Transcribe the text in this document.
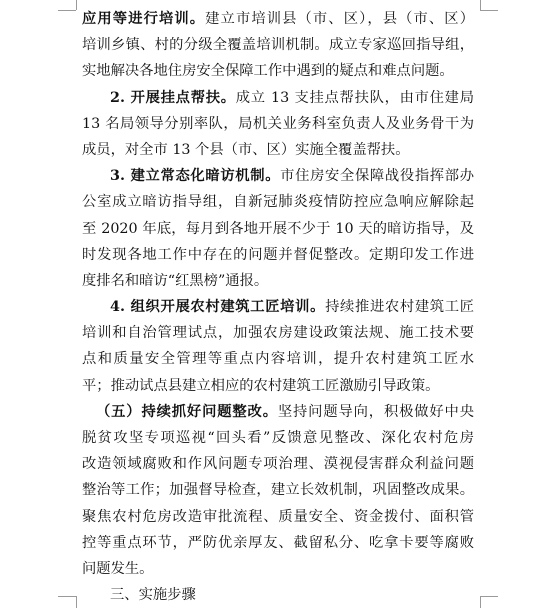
应用等进行培训。建立市培训县（市、区），县（市、区）
培训乡镇、村的分级全覆盖培训机制。成立专家巡回指导组，
实地解决各地住房安全保障工作中遇到的疑点和难点问题。
2. 开展挂点帮扶。成立 13 支挂点帮扶队，由市住建局
13 名局领导分别率队，局机关业务科室负责人及业务骨干为
成员，对全市 13 个县（市、区）实施全覆盖帮扶。
3. 建立常态化暗访机制。市住房安全保障战役指挥部办
公室成立暗访指导组，自新冠肺炎疫情防控应急响应解除起
至 2020 年底，每月到各地开展不少于 10 天的暗访指导，及
时发现各地工作中存在的问题并督促整改。定期印发工作进
度排名和暗访“红黑榜”通报。
4. 组织开展农村建筑工匠培训。持续推进农村建筑工匠
培训和自治管理试点，加强农房建设政策法规、施工技术要
点和质量安全管理等重点内容培训，提升农村建筑工匠水
平；推动试点县建立相应的农村建筑工匠激励引导政策。
（五）持续抓好问题整改。坚持问题导向，积极做好中央
脱贫攻坚专项巡视“回头看”反馈意见整改、深化农村危房
改造领域腐败和作风问题专项治理、漠视侵害群众利益问题
整治等工作；加强督导检查，建立长效机制，巩固整改成果。
聚焦农村危房改造审批流程、质量安全、资金拨付、面积管
控等重点环节，严防优亲厚友、截留私分、吃拿卡要等腐败
问题发生。
三、实施步骤
